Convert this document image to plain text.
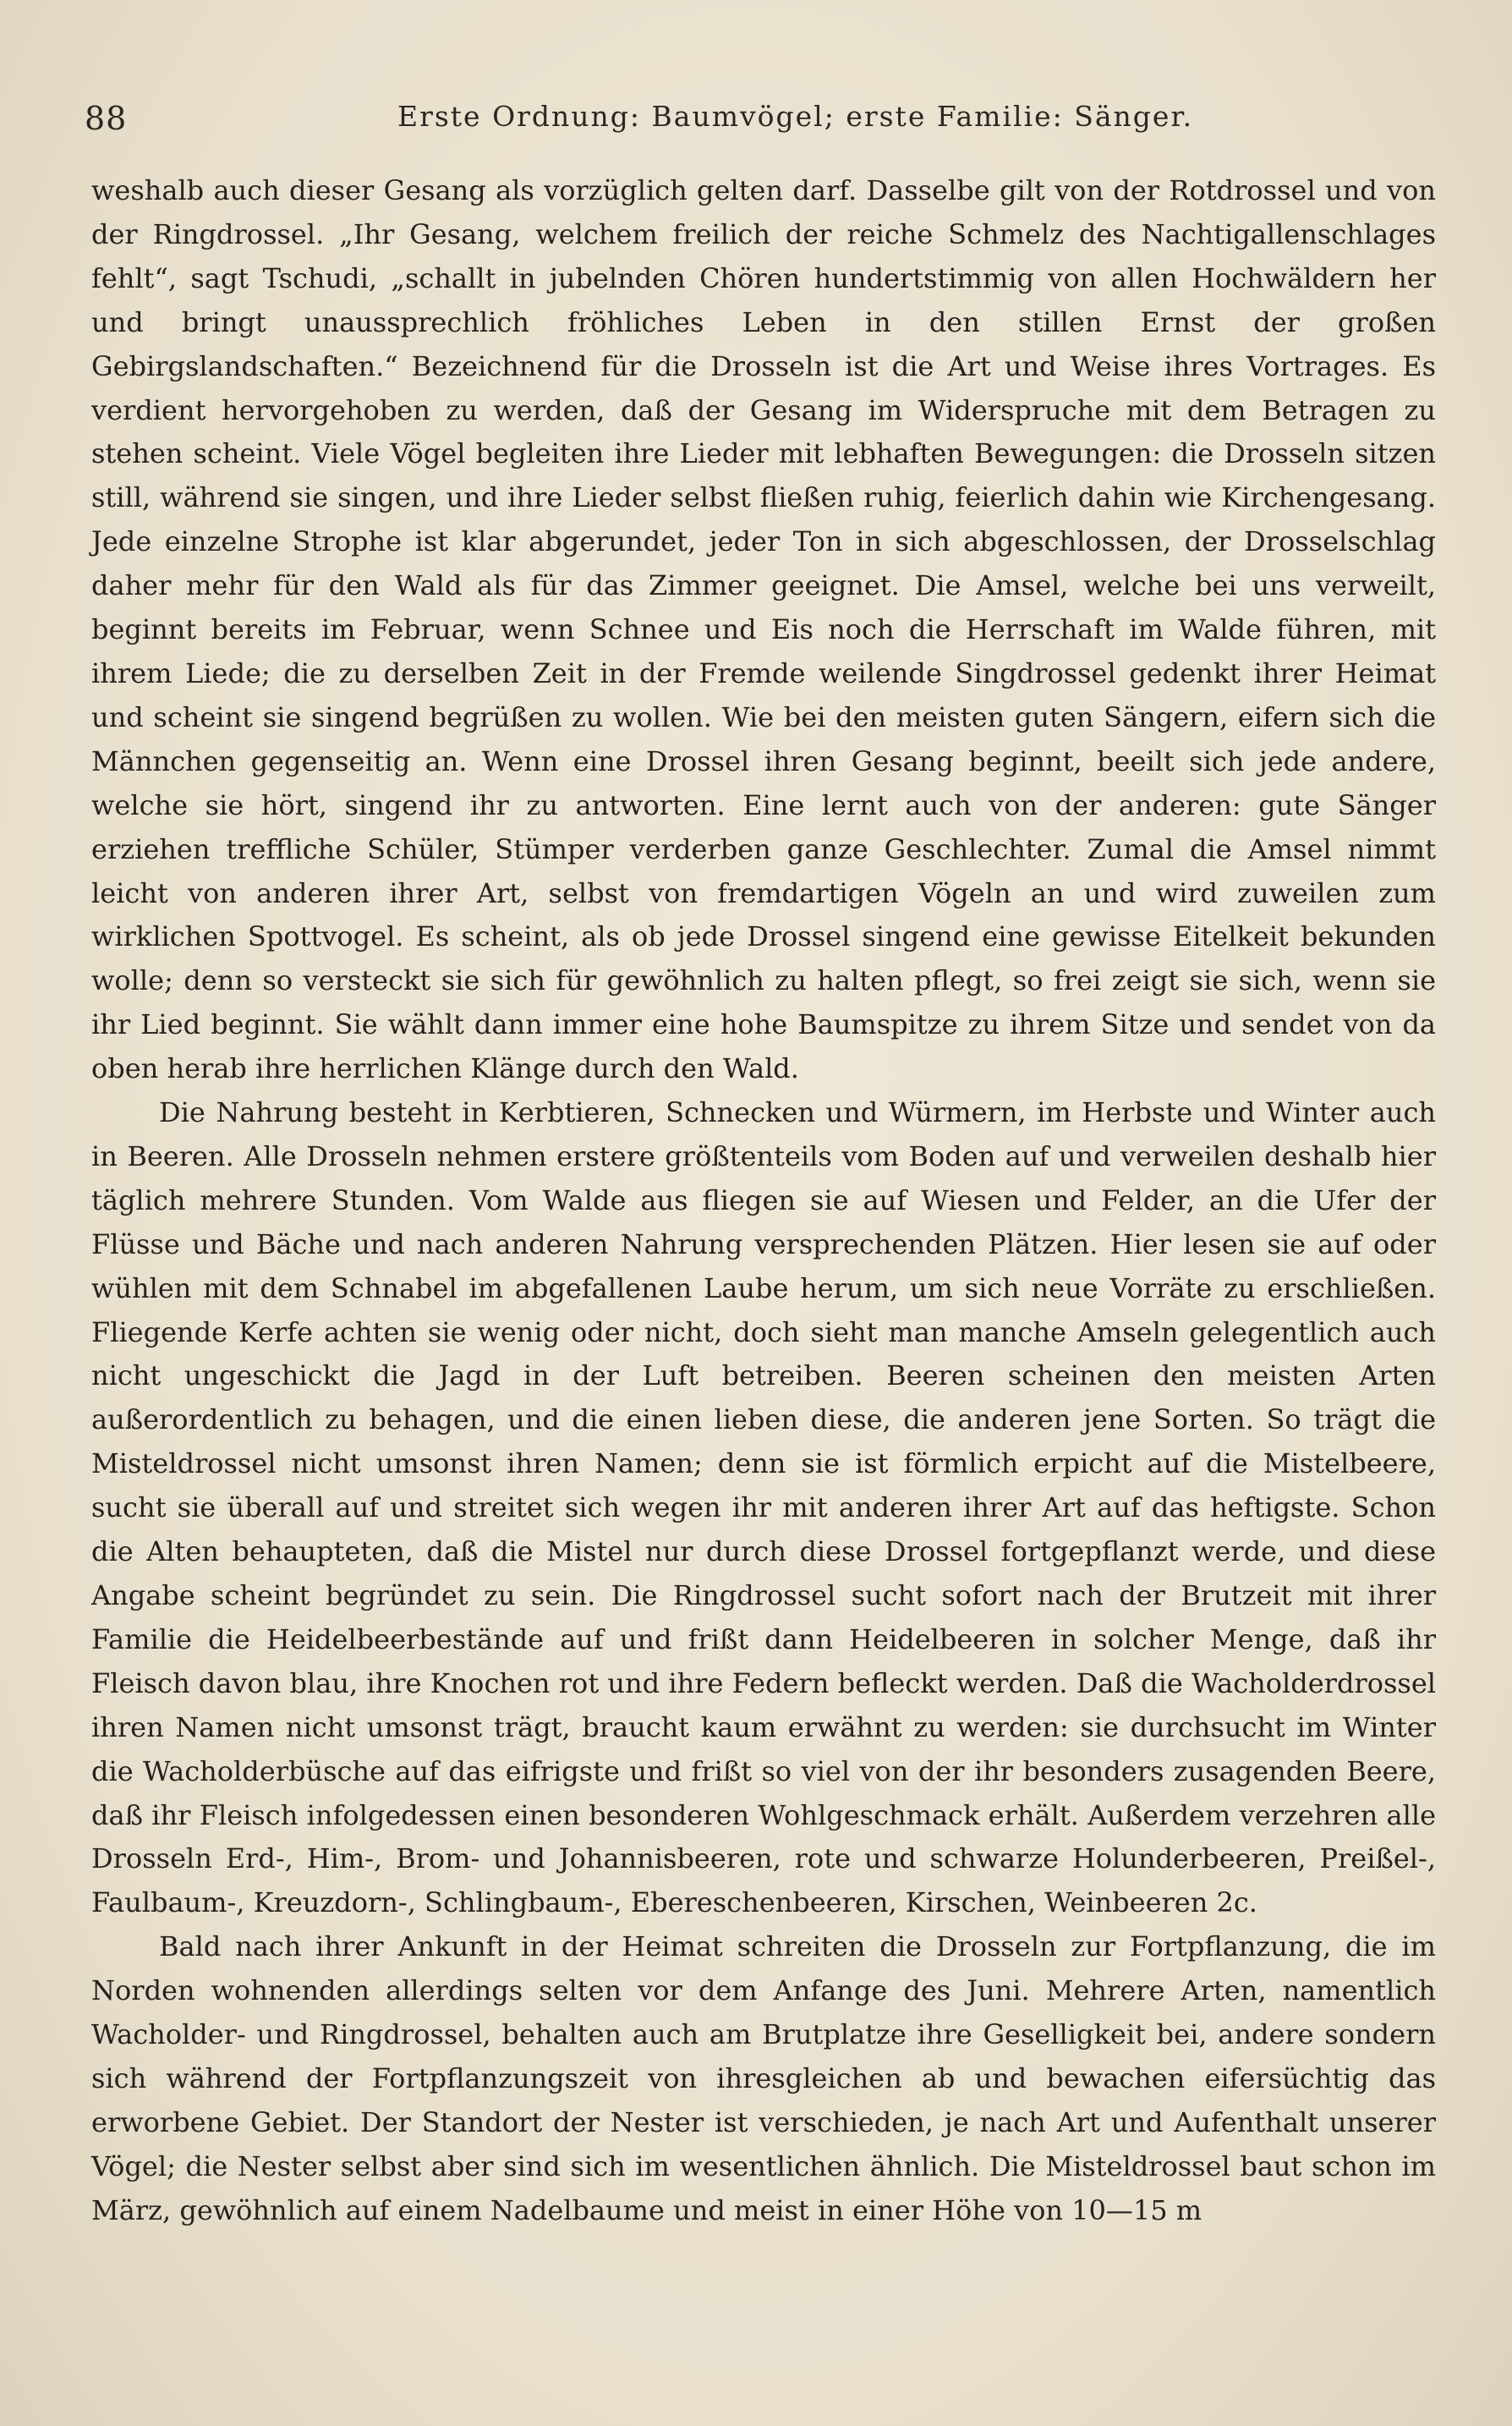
88	Erste Ordnung: Baumvögel; erste Familie: Sänger.

weshalb auch dieser Gesang als vorzüglich gelten darf. Dasselbe gilt von der Rotdrossel und von der Ringdrossel. „Ihr Gesang, welchem freilich der reiche Schmelz des Nachtigallenschlages fehlt“, sagt Tschudi, „schallt in jubelnden Chören hundertstimmig von allen Hochwäldern her und bringt unaussprechlich fröhliches Leben in den stillen Ernst der großen Gebirgslandschaften.“ Bezeichnend für die Drosseln ist die Art und Weise ihres Vortrages. Es verdient hervorgehoben zu werden, daß der Gesang im Widerspruche mit dem Betragen zu stehen scheint. Viele Vögel begleiten ihre Lieder mit lebhaften Bewegungen: die Drosseln sitzen still, während sie singen, und ihre Lieder selbst fließen ruhig, feierlich dahin wie Kirchengesang. Jede einzelne Strophe ist klar abgerundet, jeder Ton in sich abgeschlossen, der Drosselschlag daher mehr für den Wald als für das Zimmer geeignet. Die Amsel, welche bei uns verweilt, beginnt bereits im Februar, wenn Schnee und Eis noch die Herrschaft im Walde führen, mit ihrem Liede; die zu derselben Zeit in der Fremde weilende Singdrossel gedenkt ihrer Heimat und scheint sie singend begrüßen zu wollen. Wie bei den meisten guten Sängern, eifern sich die Männchen gegenseitig an. Wenn eine Drossel ihren Gesang beginnt, beeilt sich jede andere, welche sie hört, singend ihr zu antworten. Eine lernt auch von der anderen: gute Sänger erziehen treffliche Schüler, Stümper verderben ganze Geschlechter. Zumal die Amsel nimmt leicht von anderen ihrer Art, selbst von fremdartigen Vögeln an und wird zuweilen zum wirklichen Spottvogel. Es scheint, als ob jede Drossel singend eine gewisse Eitelkeit bekunden wolle; denn so versteckt sie sich für gewöhnlich zu halten pflegt, so frei zeigt sie sich, wenn sie ihr Lied beginnt. Sie wählt dann immer eine hohe Baumspitze zu ihrem Sitze und sendet von da oben herab ihre herrlichen Klänge durch den Wald.

Die Nahrung besteht in Kerbtieren, Schnecken und Würmern, im Herbste und Winter auch in Beeren. Alle Drosseln nehmen erstere größtenteils vom Boden auf und verweilen deshalb hier täglich mehrere Stunden. Vom Walde aus fliegen sie auf Wiesen und Felder, an die Ufer der Flüsse und Bäche und nach anderen Nahrung versprechenden Plätzen. Hier lesen sie auf oder wühlen mit dem Schnabel im abgefallenen Laube herum, um sich neue Vorräte zu erschließen. Fliegende Kerfe achten sie wenig oder nicht, doch sieht man manche Amseln gelegentlich auch nicht ungeschickt die Jagd in der Luft betreiben. Beeren scheinen den meisten Arten außerordentlich zu behagen, und die einen lieben diese, die anderen jene Sorten. So trägt die Misteldrossel nicht umsonst ihren Namen; denn sie ist förmlich erpicht auf die Mistelbeere, sucht sie überall auf und streitet sich wegen ihr mit anderen ihrer Art auf das heftigste. Schon die Alten behaupteten, daß die Mistel nur durch diese Drossel fortgepflanzt werde, und diese Angabe scheint begründet zu sein. Die Ringdrossel sucht sofort nach der Brutzeit mit ihrer Familie die Heidelbeerbestände auf und frißt dann Heidelbeeren in solcher Menge, daß ihr Fleisch davon blau, ihre Knochen rot und ihre Federn befleckt werden. Daß die Wacholderdrossel ihren Namen nicht umsonst trägt, braucht kaum erwähnt zu werden: sie durchsucht im Winter die Wacholderbüsche auf das eifrigste und frißt so viel von der ihr besonders zusagenden Beere, daß ihr Fleisch infolgedessen einen besonderen Wohlgeschmack erhält. Außerdem verzehren alle Drosseln Erd-, Him-, Brom- und Johannisbeeren, rote und schwarze Holunderbeeren, Preißel-, Faulbaum-, Kreuzdorn-, Schlingbaum-, Ebereschenbeeren, Kirschen, Weinbeeren 2c.

Bald nach ihrer Ankunft in der Heimat schreiten die Drosseln zur Fortpflanzung, die im Norden wohnenden allerdings selten vor dem Anfange des Juni. Mehrere Arten, namentlich Wacholder- und Ringdrossel, behalten auch am Brutplatze ihre Geselligkeit bei, andere sondern sich während der Fortpflanzungszeit von ihresgleichen ab und bewachen eifersüchtig das erworbene Gebiet. Der Standort der Nester ist verschieden, je nach Art und Aufenthalt unserer Vögel; die Nester selbst aber sind sich im wesentlichen ähnlich. Die Misteldrossel baut schon im März, gewöhnlich auf einem Nadelbaume und meist in einer Höhe von 10—15 m
